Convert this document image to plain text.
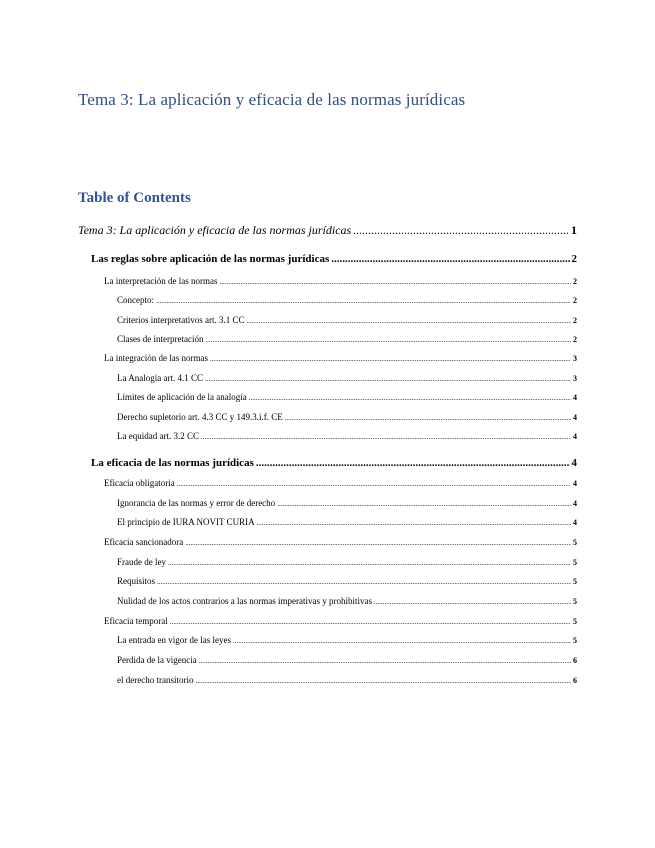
Tema 3: La aplicación y eficacia de las normas jurídicas
Table of Contents
Tema 3: La aplicación y eficacia de las normas jurídicas .....	1
Las reglas sobre aplicación de las normas jurídicas .....	2
La interpretación de las normas .....	2
Concepto: .....	2
Criterios interpretativos art. 3.1 CC .....	2
Clases de interpretación .....	2
La integración de las normas .....	3
La Analogía art. 4.1 CC .....	3
Límites de aplicación de la analogía .....	4
Derecho supletorio art. 4.3 CC y 149.3.i.f. CE .....	4
La equidad art. 3.2 CC .....	4
La eficacia de las normas jurídicas .....	4
Eficacia obligatoria .....	4
Ignorancia de las normas y error de derecho .....	4
El principio de IURA NOVIT CURIA .....	4
Eficacia sancionadora .....	5
Fraude de ley .....	5
Requisitos .....	5
Nulidad de los actos contrarios a las normas imperativas y prohibitivas .....	5
Eficacia temporal .....	5
La entrada en vigor de las leyes .....	5
Perdida de la vigencia .....	6
el derecho transitorio .....	6
